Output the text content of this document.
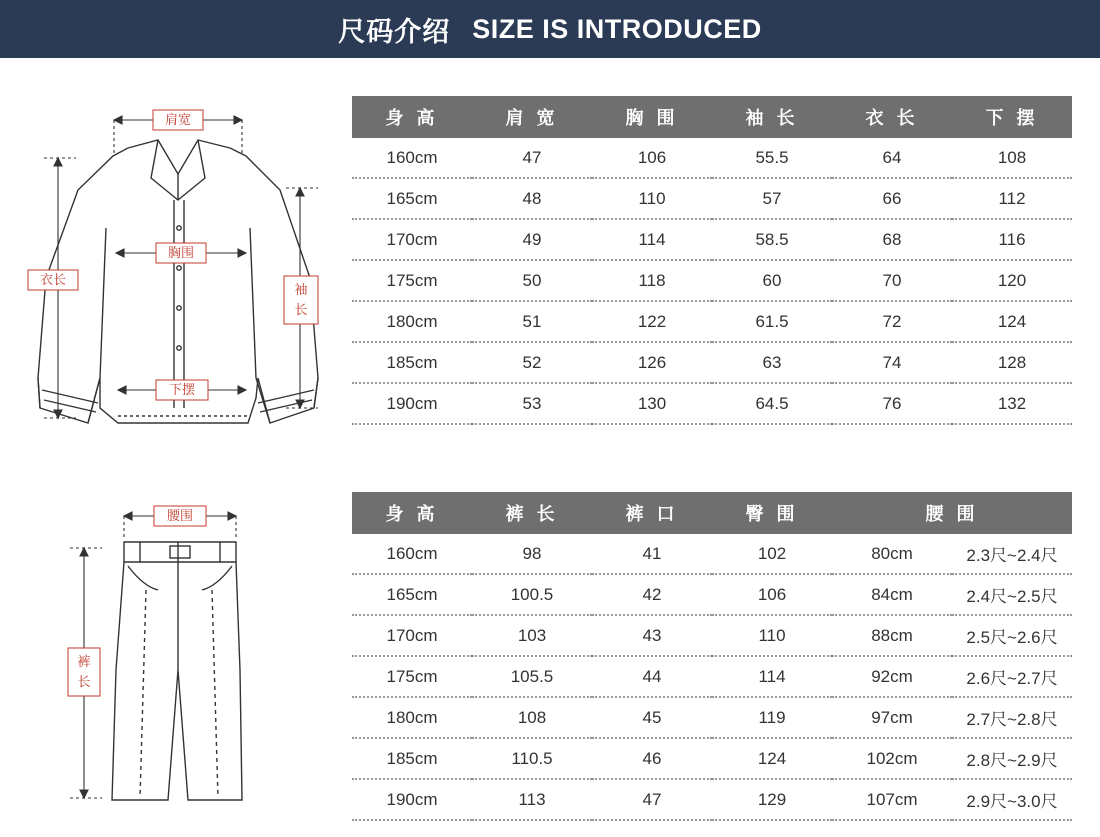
尺码介绍 SIZE IS INTRODUCED
肩宽
胸围
下摆
衣长
袖
长
腰围
裤
长
身 高	肩 宽	胸 围	袖 长	衣 长	下 摆
160cm	47	106	55.5	64	108
165cm	48	110	57	66	112
170cm	49	114	58.5	68	116
175cm	50	118	60	70	120
180cm	51	122	61.5	72	124
185cm	52	126	63	74	128
190cm	53	130	64.5	76	132
身 高	裤 长	裤 口	臀 围	腰 围	
160cm	98	41	102	80cm	2.3尺~2.4尺
165cm	100.5	42	106	84cm	2.4尺~2.5尺
170cm	103	43	110	88cm	2.5尺~2.6尺
175cm	105.5	44	114	92cm	2.6尺~2.7尺
180cm	108	45	119	97cm	2.7尺~2.8尺
185cm	110.5	46	124	102cm	2.8尺~2.9尺
190cm	113	47	129	107cm	2.9尺~3.0尺
